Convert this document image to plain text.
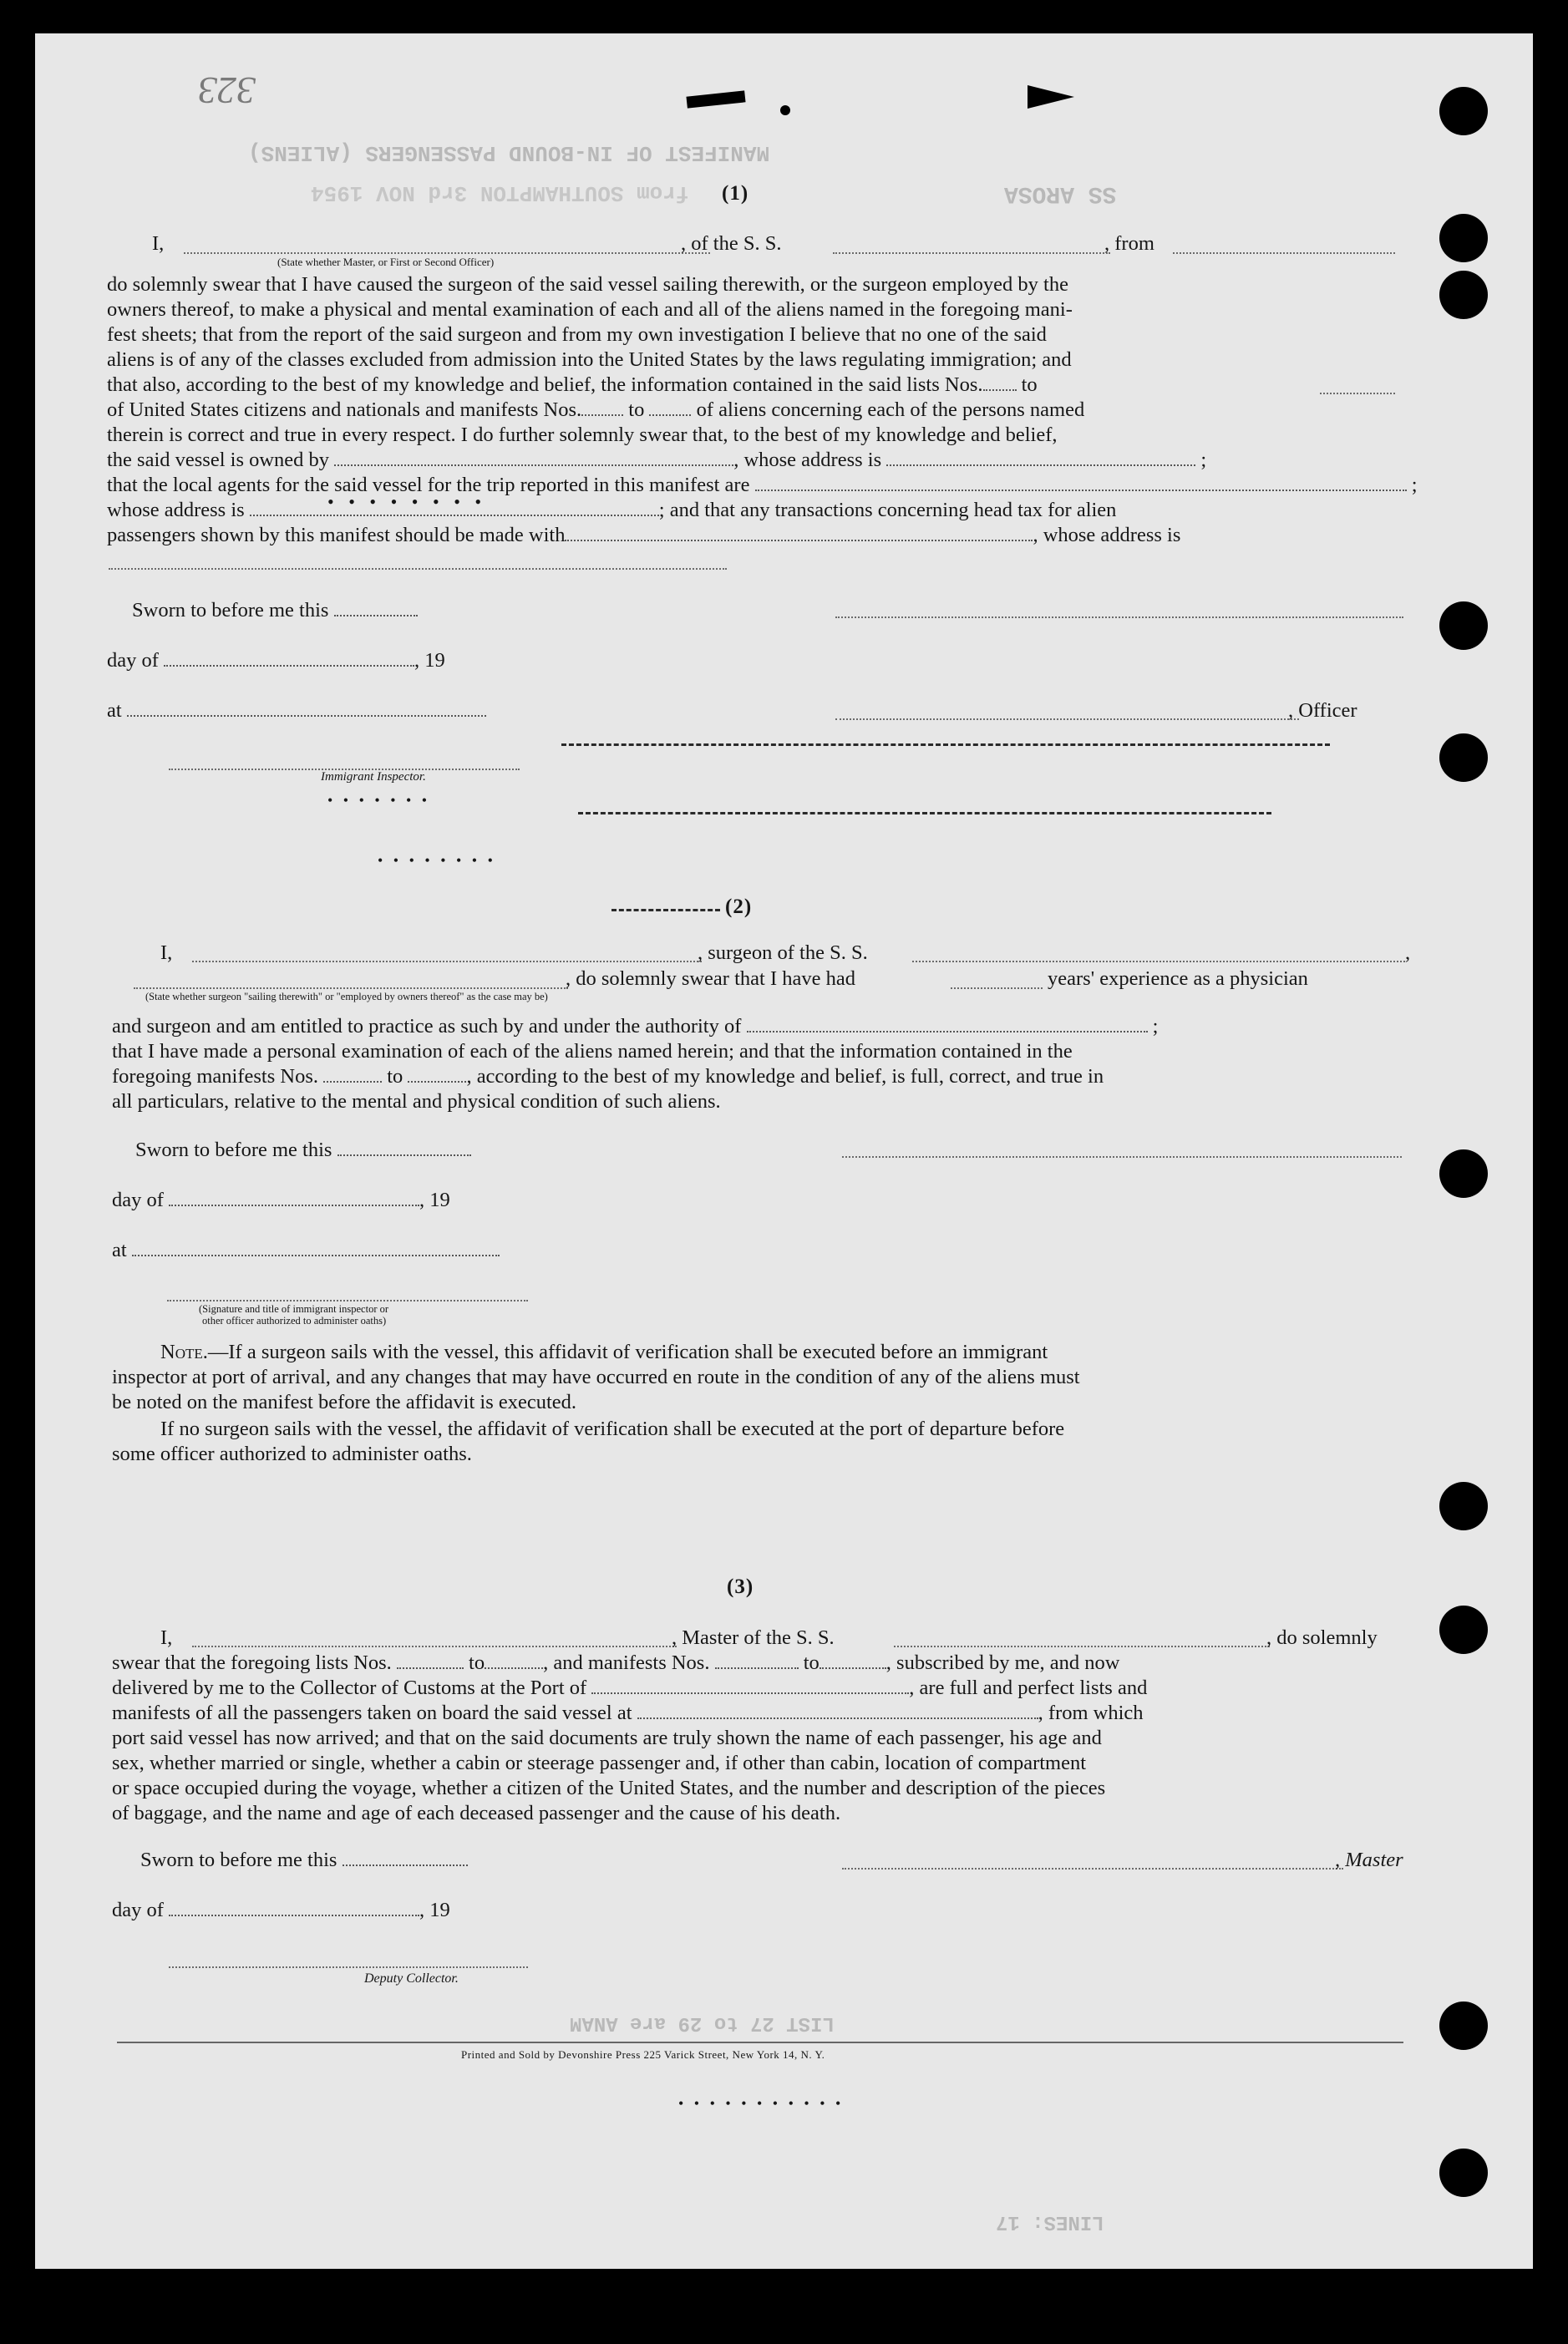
323
MANIFEST OF IN-BOUND PASSENGERS (ALIENS)
SS AROSA
from SOUTHAMPTON 3rd NOV 1954 (1)
I,	, of the S. S.	, from
(State whether Master, or First or Second Officer)
do solemnly swear that I have caused the surgeon of the said vessel sailing therewith, or the surgeon employed by the
owners thereof, to make a physical and mental examination of each and all of the aliens named in the foregoing mani-
fest sheets; that from the report of the said surgeon and from my own investigation I believe that no one of the said
aliens is of any of the classes excluded from admission into the United States by the laws regulating immigration; and
that also, according to the best of my knowledge and belief, the information contained in the said lists Nos. to
of United States citizens and nationals and manifests Nos. to	of aliens concerning each of the persons named
therein is correct and true in every respect. I do further solemnly swear that, to the best of my knowledge and belief,
the said vessel is owned by	, whose address is	;
that the local agents for the said vessel for the trip reported in this manifest are	;
whose address is	; and that any transactions concerning head tax for alien
passengers shown by this manifest should be made with	, whose address is
Sworn to before me this
day of	, 19
at	, Officer
Immigrant Inspector.
(2)
I,	, surgeon of the S. S.	,
, do solemnly swear that I have had	years' experience as a physician
(State whether surgeon "sailing therewith" or "employed by owners thereof" as the case may be)
and surgeon and am entitled to practice as such by and under the authority of	;
that I have made a personal examination of each of the aliens named herein; and that the information contained in the
foregoing manifests Nos.	to	, according to the best of my knowledge and belief, is full, correct, and true in
all particulars, relative to the mental and physical condition of such aliens.
Sworn to before me this
day of	, 19
at
(Signature and title of immigrant inspector or
other officer authorized to administer oaths)
Note.—If a surgeon sails with the vessel, this affidavit of verification shall be executed before an immigrant
inspector at port of arrival, and any changes that may have occurred en route in the condition of any of the aliens must
be noted on the manifest before the affidavit is executed.
If no surgeon sails with the vessel, the affidavit of verification shall be executed at the port of departure before
some officer authorized to administer oaths.
(3)
I,	, Master of the S. S.	, do solemnly
swear that the foregoing lists Nos.	to	, and manifests Nos.	to	, subscribed by me, and now
delivered by me to the Collector of Customs at the Port of	, are full and perfect lists and
manifests of all the passengers taken on board the said vessel at	, from which
port said vessel has now arrived; and that on the said documents are truly shown the name of each passenger, his age and
sex, whether married or single, whether a cabin or steerage passenger and, if other than cabin, location of compartment
or space occupied during the voyage, whether a citizen of the United States, and the number and description of the pieces
of baggage, and the name and age of each deceased passenger and the cause of his death.
Sworn to before me this	, Master
day of	, 19
Deputy Collector.
LIST 27 to 29 are ANAM
Printed and Sold by Devonshire Press 225 Varick Street, New York 14, N. Y.
LINES: 17
• • • • • • • •
• • • • • • •
• • • • • • • •
• • • • • • • • • • •
